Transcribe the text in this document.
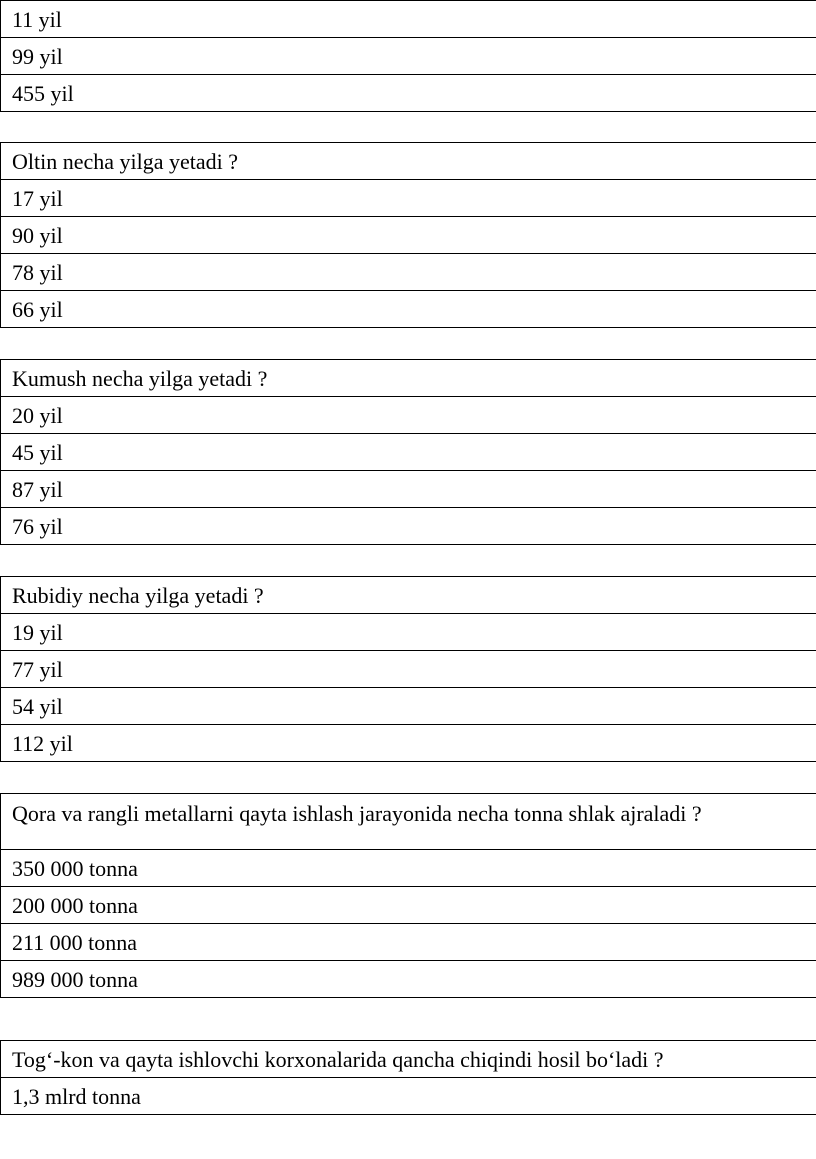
11 yil
99 yil
455 yil
Oltin necha yilga yetadi ?
17 yil
90 yil
78 yil
66 yil
Kumush necha yilga yetadi ?
20 yil
45 yil
87 yil
76 yil
Rubidiy necha yilga yetadi ?
19 yil
77 yil
54 yil
112 yil
Qora va rangli metallarni qayta ishlash jarayonida necha tonna shlak ajraladi ?
350 000 tonna
200 000 tonna
211 000 tonna
989 000 tonna
Tog‘-kon va qayta ishlovchi korxonalarida qancha chiqindi hosil bo‘ladi ?
1,3 mlrd tonna
